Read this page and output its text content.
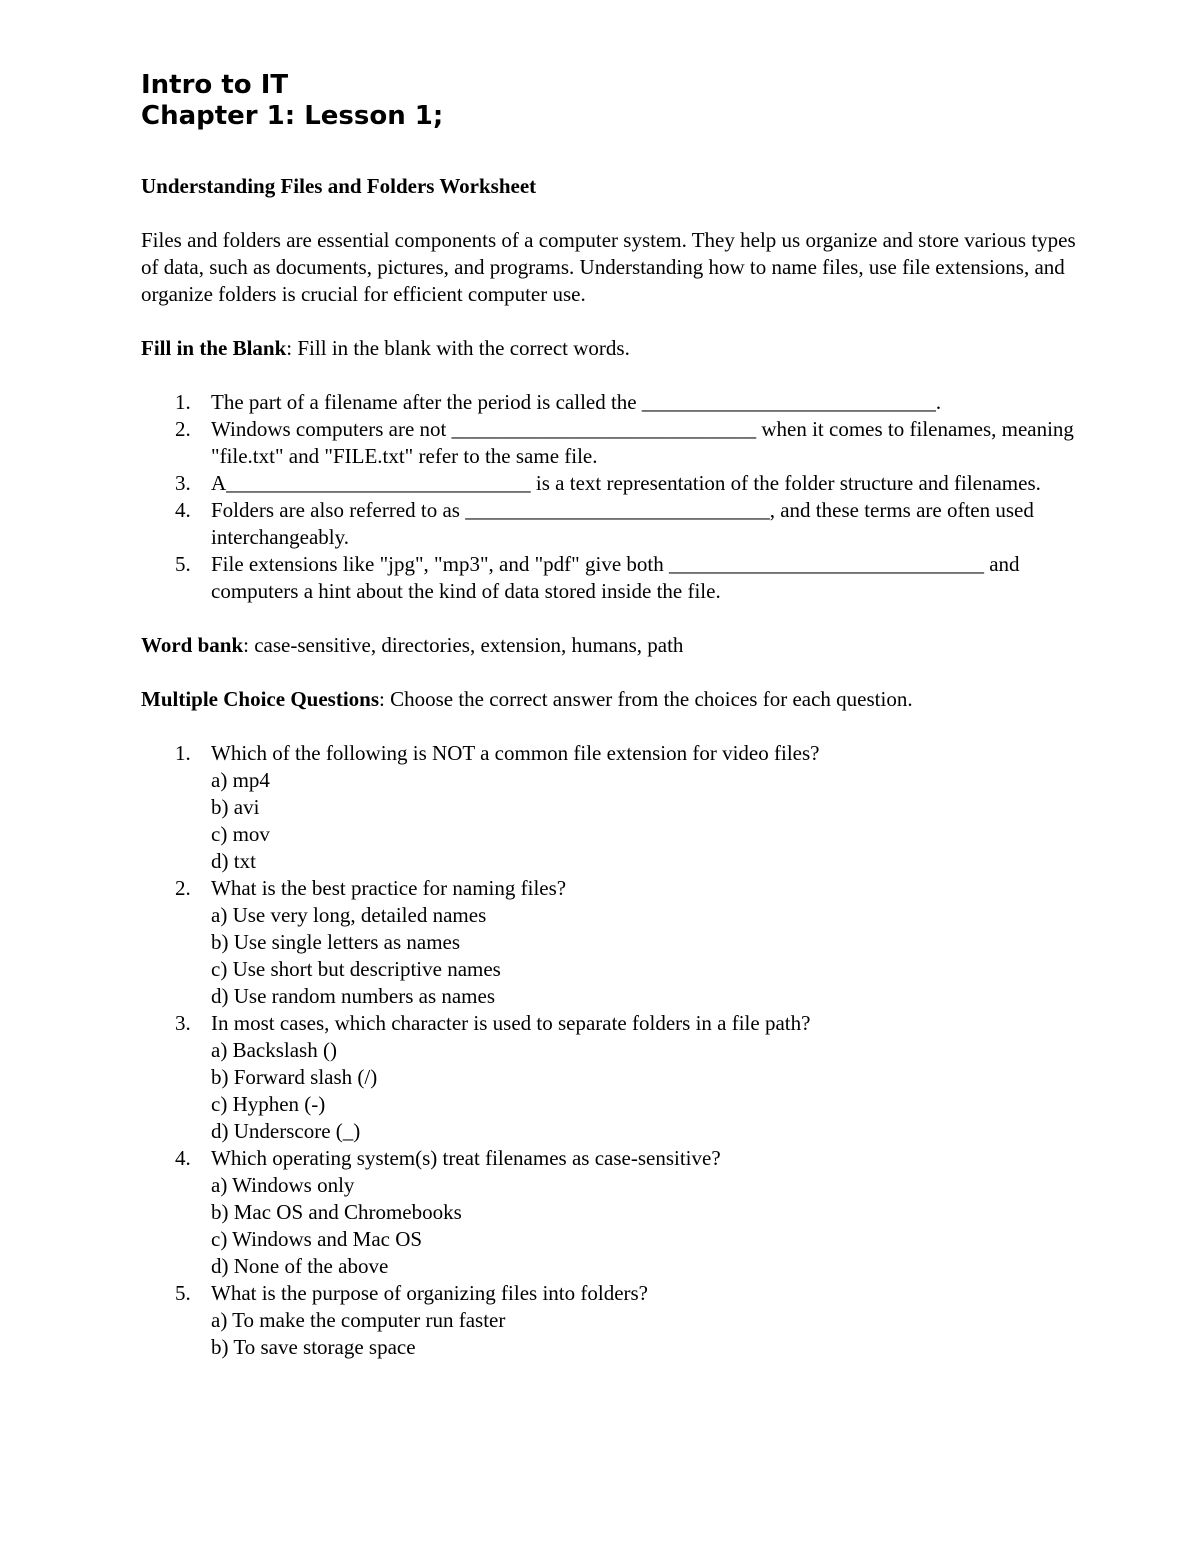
Intro to IT
Chapter 1: Lesson 1;

Understanding Files and Folders Worksheet

Files and folders are essential components of a computer system. They help us organize and store various types of data, such as documents, pictures, and programs. Understanding how to name files, use file extensions, and organize folders is crucial for efficient computer use.

Fill in the Blank: Fill in the blank with the correct words.

1. The part of a filename after the period is called the ____________________________.
2. Windows computers are not _____________________________ when it comes to filenames, meaning "file.txt" and "FILE.txt" refer to the same file.
3. A_____________________________ is a text representation of the folder structure and filenames.
4. Folders are also referred to as _____________________________, and these terms are often used interchangeably.
5. File extensions like "jpg", "mp3", and "pdf" give both ______________________________ and computers a hint about the kind of data stored inside the file.

Word bank: case-sensitive, directories, extension, humans, path

Multiple Choice Questions: Choose the correct answer from the choices for each question.

1. Which of the following is NOT a common file extension for video files?
a) mp4
b) avi
c) mov
d) txt
2. What is the best practice for naming files?
a) Use very long, detailed names
b) Use single letters as names
c) Use short but descriptive names
d) Use random numbers as names
3. In most cases, which character is used to separate folders in a file path?
a) Backslash ()
b) Forward slash (/)
c) Hyphen (-)
d) Underscore (_)
4. Which operating system(s) treat filenames as case-sensitive?
a) Windows only
b) Mac OS and Chromebooks
c) Windows and Mac OS
d) None of the above
5. What is the purpose of organizing files into folders?
a) To make the computer run faster
b) To save storage space
